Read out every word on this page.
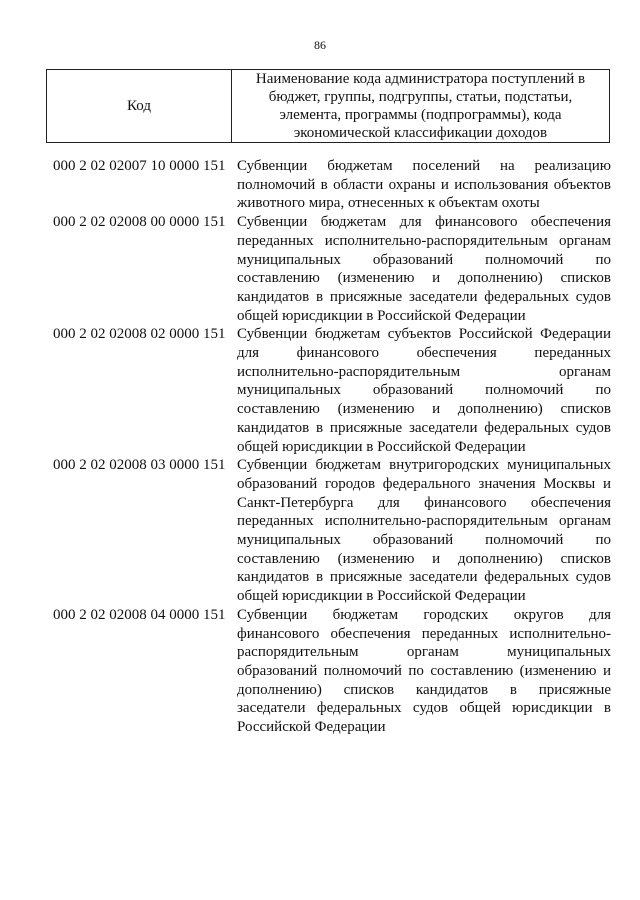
86
Код
Наименование кода администратора поступлений в
бюджет, группы, подгруппы, статьи, подстатьи,
элемента, программы (подпрограммы), кода
экономической классификации доходов
000 2 02 02007 10 0000 151 Субвенции бюджетам поселений на реализацию
полномочий в области охраны и использования объектов
животного мира, отнесенных к объектам охоты
000 2 02 02008 00 0000 151 Субвенции бюджетам для финансового обеспечения
переданных исполнительно-распорядительным органам
муниципальных образований полномочий по
составлению (изменению и дополнению) списков
кандидатов в присяжные заседатели федеральных судов
общей юрисдикции в Российской Федерации
000 2 02 02008 02 0000 151 Субвенции бюджетам субъектов Российской Федерации
для финансового обеспечения переданных
исполнительно-распорядительным органам
муниципальных образований полномочий по
составлению (изменению и дополнению) списков
кандидатов в присяжные заседатели федеральных судов
общей юрисдикции в Российской Федерации
000 2 02 02008 03 0000 151 Субвенции бюджетам внутригородских муниципальных
образований городов федерального значения Москвы и
Санкт-Петербурга для финансового обеспечения
переданных исполнительно-распорядительным органам
муниципальных образований полномочий по
составлению (изменению и дополнению) списков
кандидатов в присяжные заседатели федеральных судов
общей юрисдикции в Российской Федерации
000 2 02 02008 04 0000 151 Субвенции бюджетам городских округов для
финансового обеспечения переданных исполнительно-
распорядительным органам муниципальных
образований полномочий по составлению (изменению и
дополнению) списков кандидатов в присяжные
заседатели федеральных судов общей юрисдикции в
Российской Федерации
